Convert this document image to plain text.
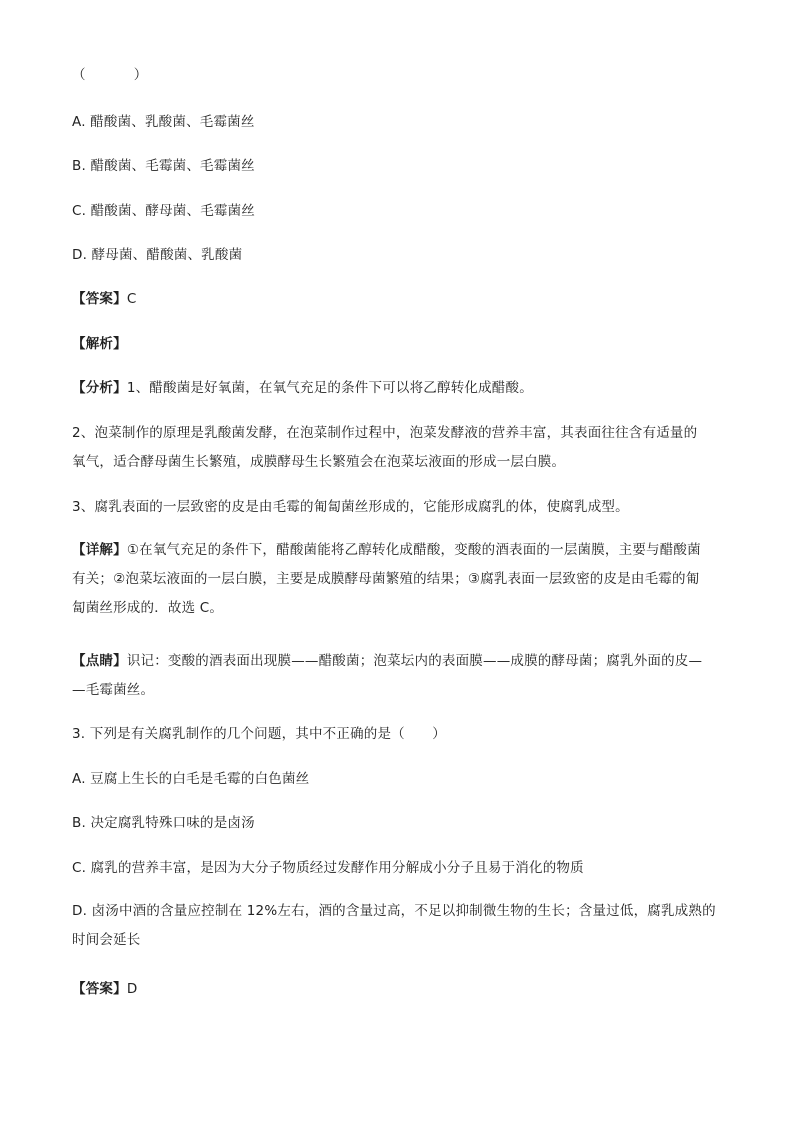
（	）
A. 醋酸菌、乳酸菌、毛霉菌丝
B. 醋酸菌、毛霉菌、毛霉菌丝
C. 醋酸菌、酵母菌、毛霉菌丝
D. 酵母菌、醋酸菌、乳酸菌
【答案】C
【解析】
【分析】1、醋酸菌是好氧菌，在氧气充足的条件下可以将乙醇转化成醋酸。
2、泡菜制作的原理是乳酸菌发酵，在泡菜制作过程中，泡菜发酵液的营养丰富，其表面往往含有适量的
氧气，适合酵母菌生长繁殖，成膜酵母生长繁殖会在泡菜坛液面的形成一层白膜。
3、腐乳表面的一层致密的皮是由毛霉的匍匐菌丝形成的，它能形成腐乳的体，使腐乳成型。
【详解】①在氧气充足的条件下，醋酸菌能将乙醇转化成醋酸，变酸的酒表面的一层菌膜，主要与醋酸菌
有关；②泡菜坛液面的一层白膜，主要是成膜酵母菌繁殖的结果；③腐乳表面一层致密的皮是由毛霉的匍
匐菌丝形成的．故选 C。
【点睛】识记：变酸的酒表面出现膜——醋酸菌；泡菜坛内的表面膜——成膜的酵母菌；腐乳外面的皮—
—毛霉菌丝。
3. 下列是有关腐乳制作的几个问题，其中不正确的是（　　）
A. 豆腐上生长的白毛是毛霉的白色菌丝
B. 决定腐乳特殊口味的是卤汤
C. 腐乳的营养丰富，是因为大分子物质经过发酵作用分解成小分子且易于消化的物质
D. 卤汤中酒的含量应控制在 12%左右，酒的含量过高，不足以抑制微生物的生长；含量过低，腐乳成熟的
时间会延长
【答案】D
